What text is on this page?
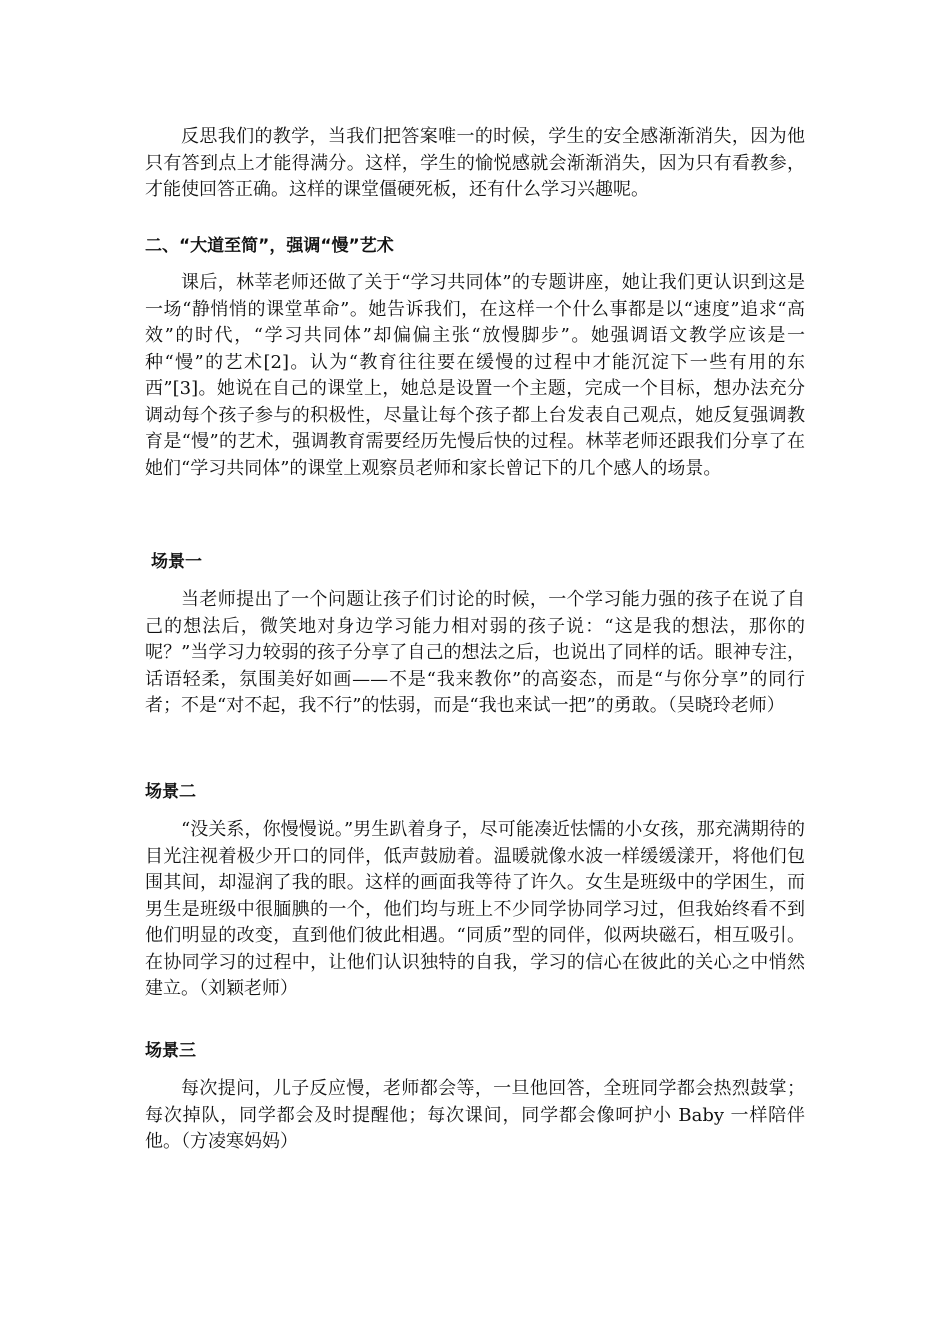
反思我们的教学，当我们把答案唯一的时候，学生的安全感渐渐消失，因为他只有答到点上才能得满分。这样，学生的愉悦感就会渐渐消失，因为只有看教参，才能使回答正确。这样的课堂僵硬死板，还有什么学习兴趣呢。

二、“大道至简”，强调“慢”艺术

课后，林莘老师还做了关于“学习共同体”的专题讲座，她让我们更认识到这是一场“静悄悄的课堂革命”。她告诉我们，在这样一个什么事都是以“速度”追求“高效”的时代，“学习共同体”却偏偏主张“放慢脚步”。她强调语文教学应该是一种“慢”的艺术[2]。认为“教育往往要在缓慢的过程中才能沉淀下一些有用的东西”[3]。她说在自己的课堂上，她总是设置一个主题，完成一个目标，想办法充分调动每个孩子参与的积极性，尽量让每个孩子都上台发表自己观点，她反复强调教育是“慢”的艺术，强调教育需要经历先慢后快的过程。林莘老师还跟我们分享了在她们“学习共同体”的课堂上观察员老师和家长曾记下的几个感人的场景。

场景一

当老师提出了一个问题让孩子们讨论的时候，一个学习能力强的孩子在说了自己的想法后，微笑地对身边学习能力相对弱的孩子说：“这是我的想法，那你的呢？”当学习力较弱的孩子分享了自己的想法之后，也说出了同样的话。眼神专注，话语轻柔，氛围美好如画——不是“我来教你”的高姿态，而是“与你分享”的同行者；不是“对不起，我不行”的怯弱，而是“我也来试一把”的勇敢。（吴晓玲老师）

场景二

“没关系，你慢慢说。”男生趴着身子，尽可能凑近怯懦的小女孩，那充满期待的目光注视着极少开口的同伴，低声鼓励着。温暖就像水波一样缓缓漾开，将他们包围其间，却湿润了我的眼。这样的画面我等待了许久。女生是班级中的学困生，而男生是班级中很腼腆的一个，他们均与班上不少同学协同学习过，但我始终看不到他们明显的改变，直到他们彼此相遇。“同质”型的同伴，似两块磁石，相互吸引。在协同学习的过程中，让他们认识独特的自我，学习的信心在彼此的关心之中悄然建立。（刘颖老师）

场景三

每次提问，儿子反应慢，老师都会等，一旦他回答，全班同学都会热烈鼓掌；每次掉队，同学都会及时提醒他；每次课间，同学都会像呵护小 Baby 一样陪伴他。（方凌寒妈妈）
